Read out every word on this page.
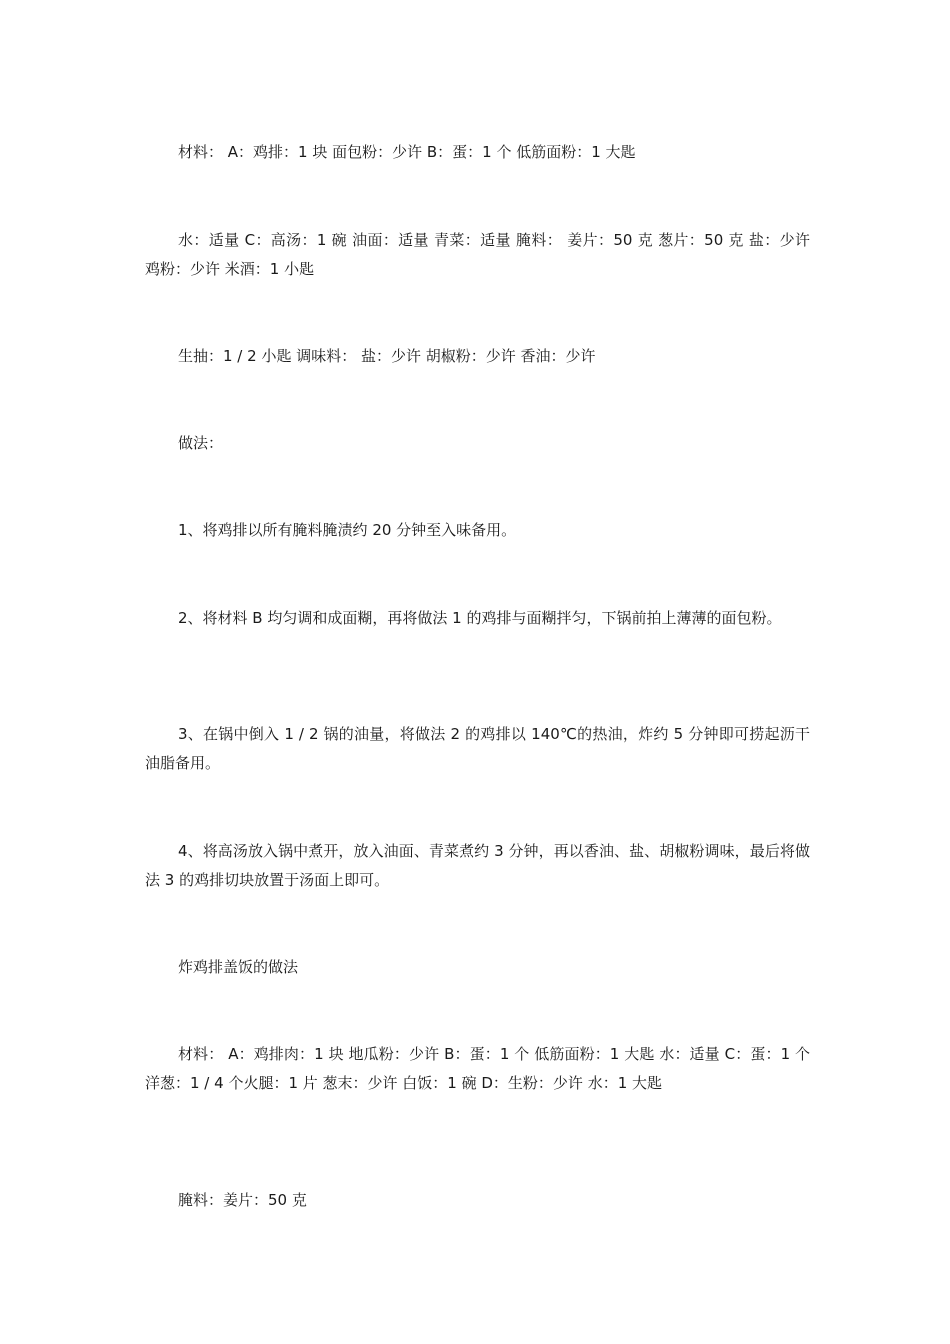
材料： A：鸡排：1 块 面包粉：少许 B：蛋：1 个 低筋面粉：1 大匙

水：适量 C：高汤：1 碗 油面：适量 青菜：适量 腌料： 姜片：50 克 葱片：50 克 盐：少许 鸡粉：少许 米酒：1 小匙

生抽：1 / 2 小匙 调味料： 盐：少许 胡椒粉：少许 香油：少许

做法：

1、将鸡排以所有腌料腌渍约 20 分钟至入味备用。

2、将材料 B 均匀调和成面糊，再将做法 1 的鸡排与面糊拌匀，下锅前拍上薄薄的面包粉。

3、在锅中倒入 1 / 2 锅的油量，将做法 2 的鸡排以 140℃的热油，炸约 5 分钟即可捞起沥干油脂备用。

4、将高汤放入锅中煮开，放入油面、青菜煮约 3 分钟，再以香油、盐、胡椒粉调味，最后将做法 3 的鸡排切块放置于汤面上即可。

炸鸡排盖饭的做法

材料： A：鸡排肉：1 块 地瓜粉：少许 B：蛋：1 个 低筋面粉：1 大匙 水：适量 C：蛋：1 个 洋葱：1 / 4 个火腿：1 片 葱末：少许 白饭：1 碗 D：生粉：少许 水：1 大匙

腌料：姜片：50 克
